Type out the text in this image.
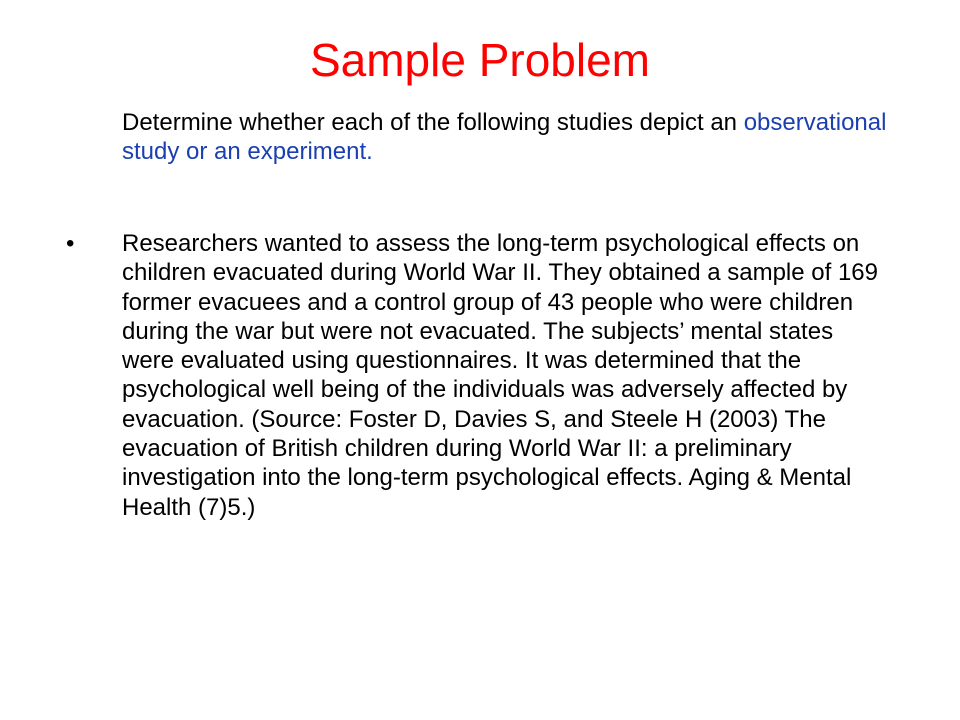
Sample Problem
Determine whether each of the following studies depict an observational study or an experiment.
• Researchers wanted to assess the long-term psychological effects on children evacuated during World War II. They obtained a sample of 169 former evacuees and a control group of 43 people who were children during the war but were not evacuated. The subjects’ mental states were evaluated using questionnaires. It was determined that the psychological well being of the individuals was adversely affected by evacuation. (Source: Foster D, Davies S, and Steele H (2003) The evacuation of British children during World War II: a preliminary investigation into the long-term psychological effects. Aging & Mental Health (7)5.)
